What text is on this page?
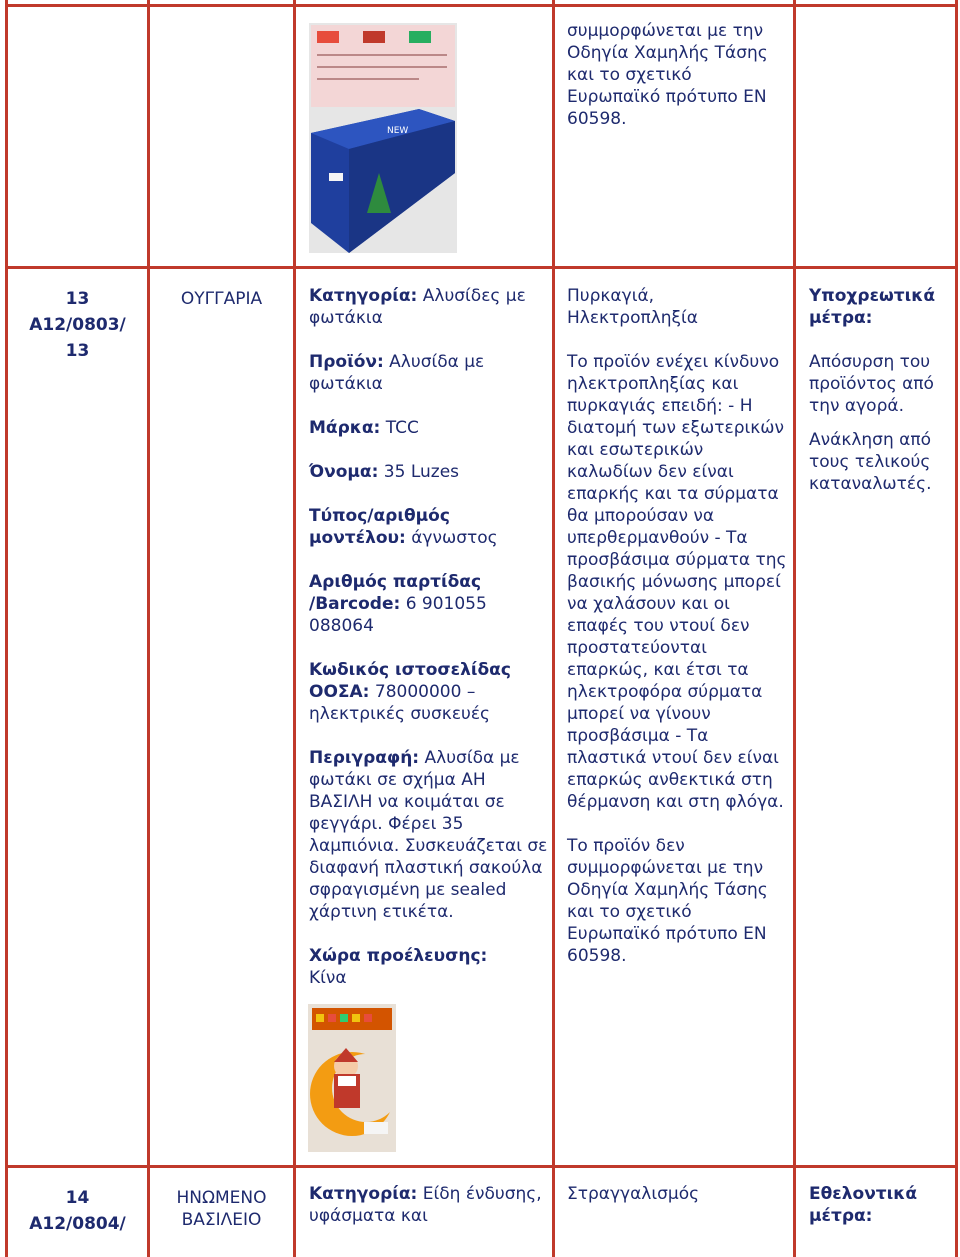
NEW
συμμορφώνεται με την Οδηγία Χαμηλής Τάσης και το σχετικό Ευρωπαϊκό πρότυπο EN 60598.
13
A12/0803/
13
ΟΥΓΓΑΡΙΑ	Κατηγορία: Αλυσίδες με φωτάκια

Προϊόν: Αλυσίδα με φωτάκια

Μάρκα: TCC

Όνομα: 35 Luzes

Τύπος/αριθμός μοντέλου: άγνωστος

Αριθμός παρτίδας /Barcode: 6 901055 088064

Κωδικός ιστοσελίδας ΟΟΣΑ: 78000000 – ηλεκτρικές συσκευές

Περιγραφή: Αλυσίδα με φωτάκι σε σχήμα ΑΗ ΒΑΣΙΛΗ να κοιμάται σε φεγγάρι. Φέρει 35 λαμπιόνια. Συσκευάζεται σε διαφανή πλαστική σακούλα σφραγισμένη με sealed χάρτινη ετικέτα.

Χώρα προέλευσης:
Κίνα

Πυρκαγιά, Ηλεκτροπληξία

Το προϊόν ενέχει κίνδυνο ηλεκτροπληξίας και πυρκαγιάς επειδή: - Η διατομή των εξωτερικών και εσωτερικών καλωδίων δεν είναι επαρκής και τα σύρματα θα μπορούσαν να υπερθερμανθούν - Τα προσβάσιμα σύρματα της βασικής μόνωσης μπορεί να χαλάσουν και οι επαφές του ντουί δεν προστατεύονται επαρκώς, και έτσι τα ηλεκτροφόρα σύρματα μπορεί να γίνουν προσβάσιμα - Τα πλαστικά ντουί δεν είναι επαρκώς ανθεκτικά στη θέρμανση και στη φλόγα.

Το προϊόν δεν συμμορφώνεται με την Οδηγία Χαμηλής Τάσης και το σχετικό Ευρωπαϊκό πρότυπο EN 60598.

Υποχρεωτικά μέτρα:

Απόσυρση του προϊόντος από την αγορά.

Ανάκληση από τους τελικούς καταναλωτές.

14
A12/0804/
ΗΝΩΜΕΝΟ ΒΑΣΙΛΕΙΟ
Κατηγορία: Είδη ένδυσης, υφάσματα και
Στραγγαλισμός	Εθελοντικά μέτρα:
